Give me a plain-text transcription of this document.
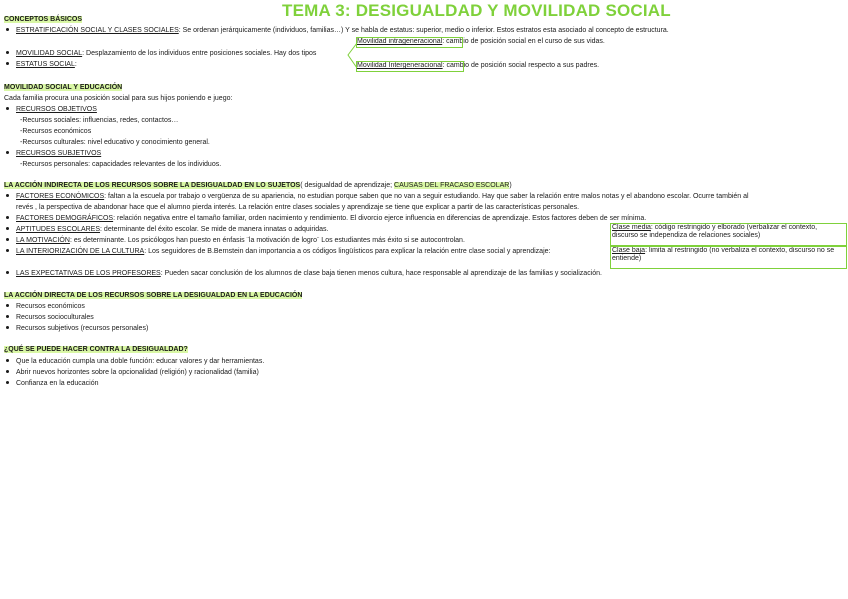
TEMA 3: DESIGUALDAD Y MOVILIDAD SOCIAL
CONCEPTOS BÁSICOS
ESTRATIFICACIÓN SOCIAL Y CLASES SOCIALES: Se ordenan jerárquicamente (individuos, familias…) Y se habla de estatus: superior, medio o inferior. Estos estratos esta asociado al concepto de estructura.
Movilidad intrageneracional: cambio de posición social en el curso de sus vidas.
MOVILIDAD SOCIAL: Desplazamiento de los individuos entre posiciones sociales. Hay dos tipos
ESTATUS SOCIAL:	Movilidad Intergeneracional: cambio de posición social respecto a sus padres.
MOVILIDAD SOCIAL Y EDUCACIÓN
Cada familia procura una posición social para sus hijos poniendo e juego:
RECURSOS OBJETIVOS
-Recursos sociales: influencias, redes, contactos…
-Recursos económicos
-Recursos culturales: nivel educativo y conocimiento general.
RECURSOS SUBJETIVOS
-Recursos personales: capacidades relevantes de los individuos.
LA ACCIÓN INDIRECTA DE LOS RECURSOS SOBRE LA DESIGUALDAD EN LO SUJETOS( desigualdad de aprendizaje; CAUSAS DEL FRACASO ESCOLAR)
FACTORES ECONÓMICOS: faltan a la escuela por trabajo o vergüenza de su apariencia, no estudian porque saben que no van a seguir estudiando. Hay que saber la relación entre malos notas y el abandono escolar. Ocurre también al
revés , la perspectiva de abandonar hace que el alumno pierda interés. La relación entre clases sociales y aprendizaje se tiene que explicar a partir de las características personales.
FACTORES DEMOGRÁFICOS: relación negativa entre el tamaño familiar, orden nacimiento y rendimiento. El divorcio ejerce influencia en diferencias de aprendizaje. Estos factores deben de ser mínima.
APTITUDES ESCOLARES: determinante del éxito escolar. Se mide de manera innatas o adquiridas.
LA MOTIVACIÓN: es determinante. Los psicólogos han puesto en énfasis ¨la motivación de logro¨ Los estudiantes más éxito si se autocontrolan.
LA INTERIORIZACIÓN DE LA CULTURA: Los seguidores de B.Bernstein dan importancia a os códigos lingüísticos para explicar la relación entre clase social y aprendizaje:
Clase media: código restringido y elborado (verbalizar el contexto, discurso se independiza de relaciones sociales)
Clase baja: limita al restringido (no verbaliza el contexto, discurso no se entiende)
LAS EXPECTATIVAS DE LOS PROFESORES: Pueden sacar conclusión de los alumnos de clase baja tienen menos cultura, hace responsable al aprendizaje de las familias y socialización.
LA ACCIÓN DIRECTA DE LOS RECURSOS SOBRE LA DESIGUALDAD EN LA EDUCACIÓN
Recursos económicos
Recursos socioculturales
Recursos subjetivos (recursos personales)
¿QUÉ SE PUEDE HACER CONTRA LA DESIGUALDAD?
Que la educación cumpla una doble función: educar valores y dar herramientas.
Abrir nuevos horizontes sobre la opcionalidad (religión) y racionalidad (familia)
Confianza en la educación
